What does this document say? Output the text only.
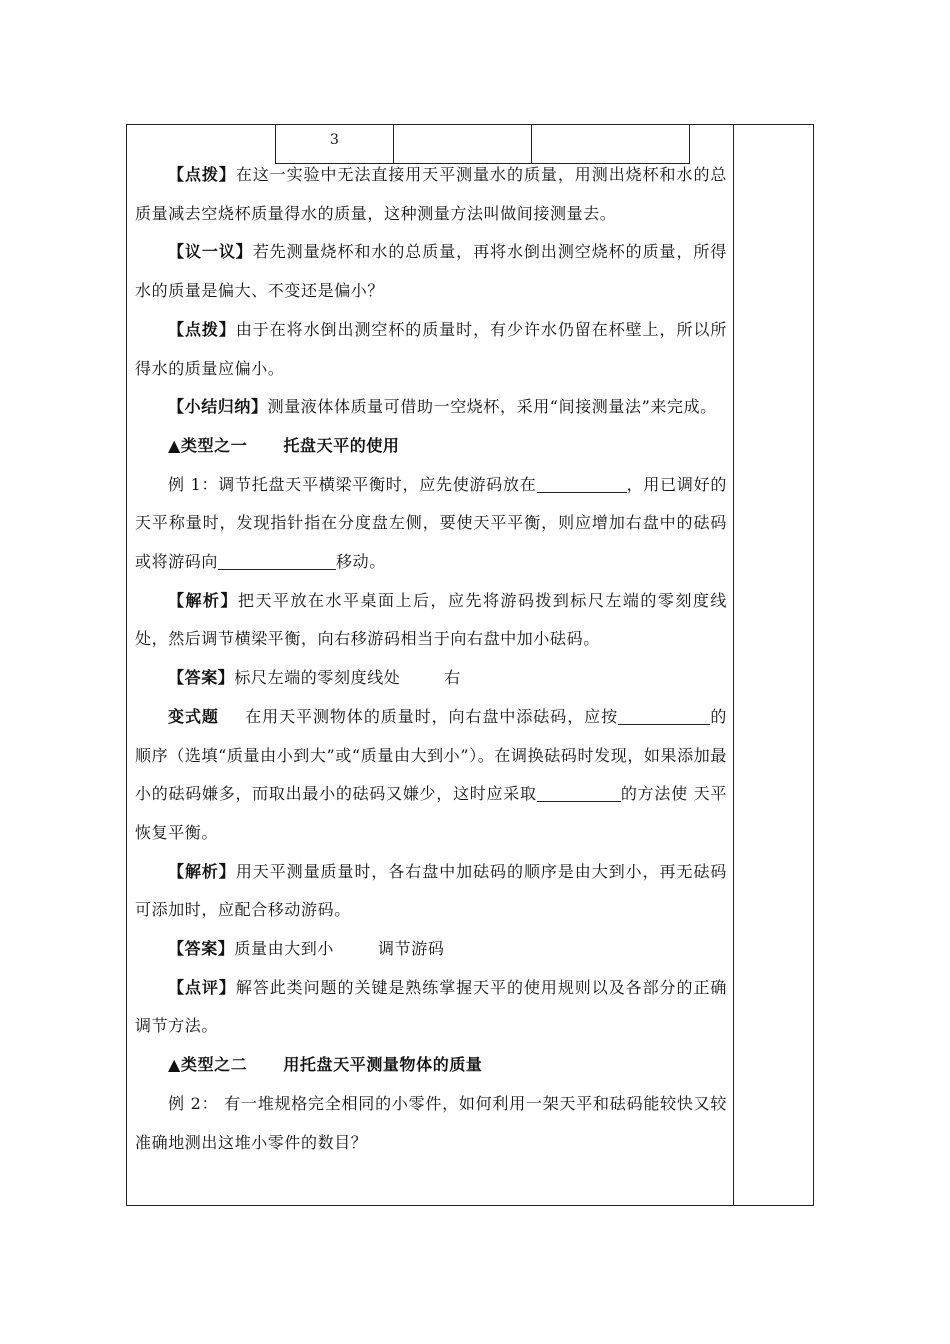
3

【点拨】在这一实验中无法直接用天平测量水的质量，用测出烧杯和水的总质量减去空烧杯质量得水的质量，这种测量方法叫做间接测量去。

【议一议】若先测量烧杯和水的总质量，再将水倒出测空烧杯的质量，所得水的质量是偏大、不变还是偏小？

【点拨】由于在将水倒出测空杯的质量时，有少许水仍留在杯壁上，所以所得水的质量应偏小。

【小结归纳】测量液体体质量可借助一空烧杯，采用“间接测量法”来完成。

▲类型之一 托盘天平的使用

例 1：调节托盘天平横梁平衡时，应先使游码放在	，用已调好的天平称量时，发现指针指在分度盘左侧，要使天平平衡，则应增加右盘中的砝码或将游码向	移动。

【解析】把天平放在水平桌面上后，应先将游码拨到标尺左端的零刻度线处，然后调节横梁平衡，向右移游码相当于向右盘中加小砝码。

【答案】标尺左端的零刻度线处	右

变式题 在用天平测物体的质量时，向右盘中添砝码，应按	的顺序（选填“质量由小到大”或“质量由大到小”）。在调换砝码时发现，如果添加最小的砝码嫌多，而取出最小的砝码又嫌少，这时应采取	的方法使 天平恢复平衡。

【解析】用天平测量质量时，各右盘中加砝码的顺序是由大到小，再无砝码可添加时，应配合移动游码。

【答案】质量由大到小	调节游码

【点评】解答此类问题的关键是熟练掌握天平的使用规则以及各部分的正确调节方法。

▲类型之二 用托盘天平测量物体的质量

例 2： 有一堆规格完全相同的小零件，如何利用一架天平和砝码能较快又较准确地测出这堆小零件的数目？
